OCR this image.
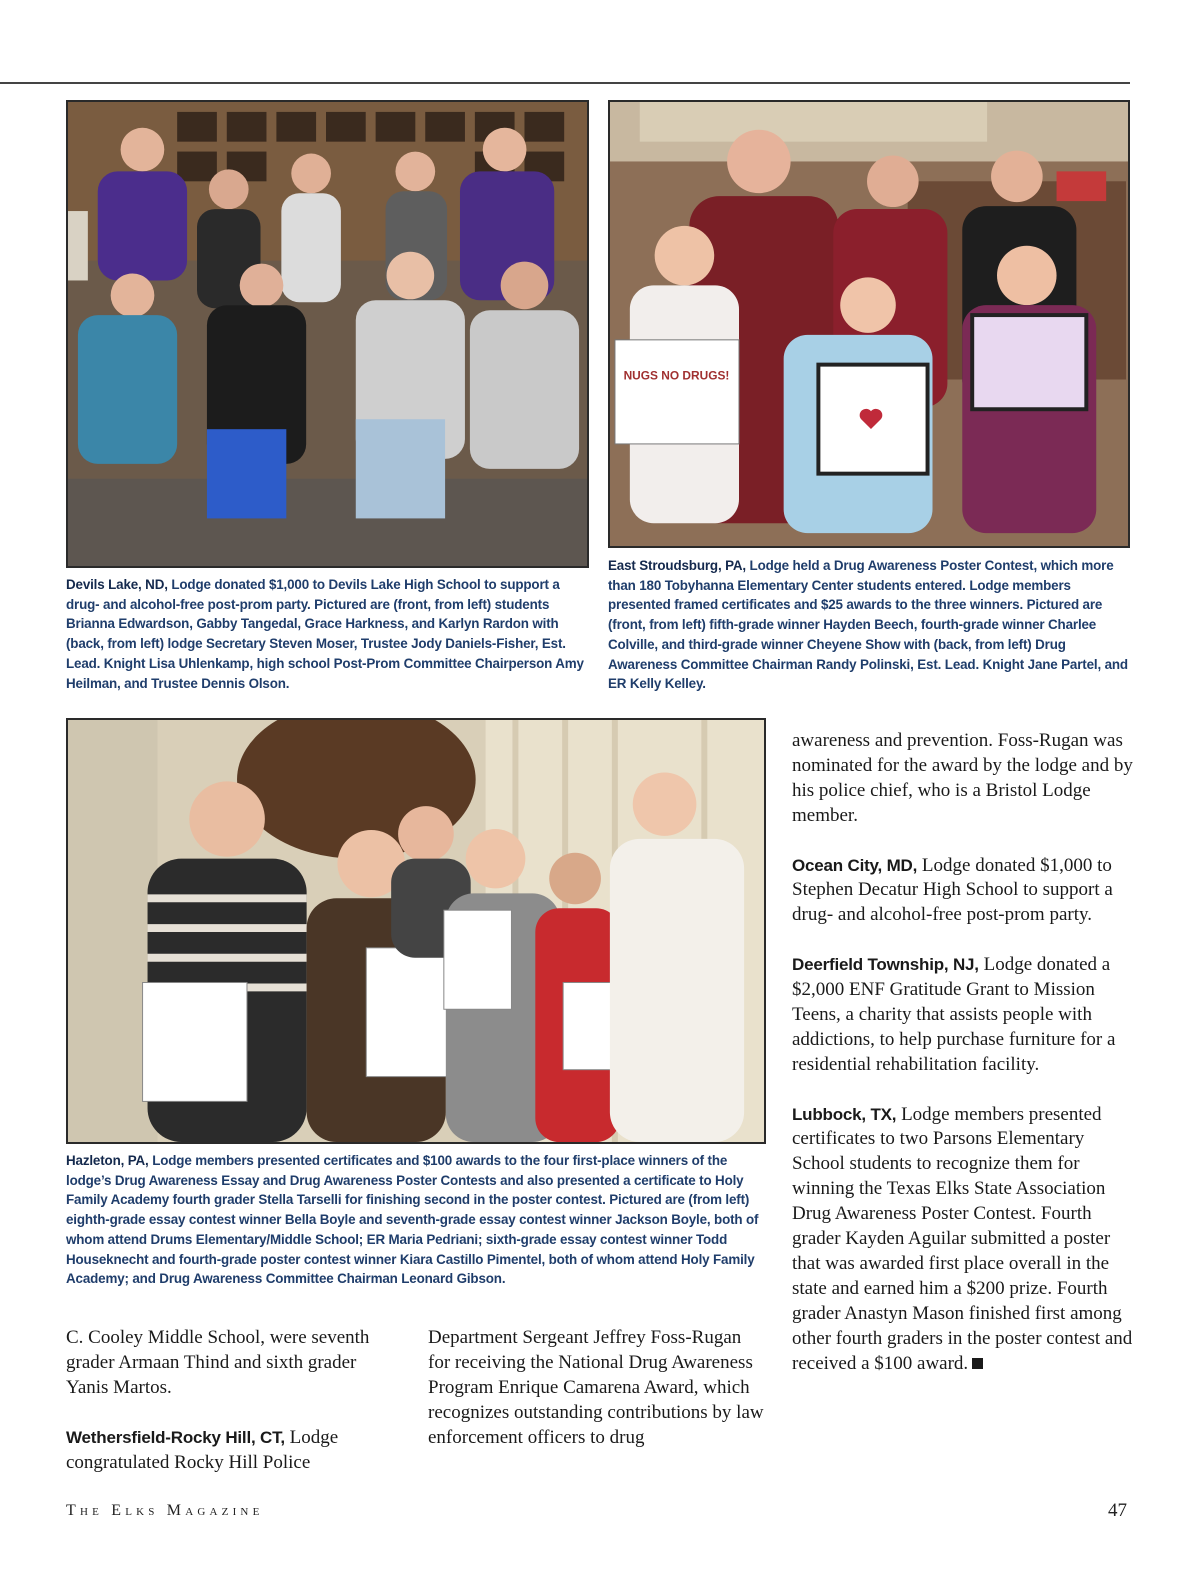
NUGS NO DRUGS!

Devils Lake, ND, Lodge donated $1,000 to Devils Lake High School to support a drug- and alcohol-free post-prom party. Pictured are (front, from left) students Brianna Edwardson, Gabby Tangedal, Grace Harkness, and Karlyn Rardon with (back, from left) lodge Secretary Steven Moser, Trustee Jody Daniels-Fisher, Est. Lead. Knight Lisa Uhlenkamp, high school Post-Prom Committee Chairperson Amy Heilman, and Trustee Dennis Olson.

East Stroudsburg, PA, Lodge held a Drug Awareness Poster Contest, which more than 180 Tobyhanna Elementary Center students entered. Lodge members presented framed certificates and $25 awards to the three winners. Pictured are (front, from left) fifth-grade winner Hayden Beech, fourth-grade winner Charlee Colville, and third-grade winner Cheyene Show with (back, from left) Drug Awareness Committee Chairman Randy Polinski, Est. Lead. Knight Jane Partel, and ER Kelly Kelley.

Hazleton, PA, Lodge members presented certificates and $100 awards to the four first-place winners of the lodge’s Drug Awareness Essay and Drug Awareness Poster Contests and also presented a certificate to Holy Family Academy fourth grader Stella Tarselli for finishing second in the poster contest. Pictured are (from left) eighth-grade essay contest winner Bella Boyle and seventh-grade essay contest winner Jackson Boyle, both of whom attend Drums Elementary/Middle School; ER Maria Pedriani; sixth-grade essay contest winner Todd Houseknecht and fourth-grade poster contest winner Kiara Castillo Pimentel, both of whom attend Holy Family Academy; and Drug Awareness Committee Chairman Leonard Gibson.

C. Cooley Middle School, were seventh grader Armaan Thind and sixth grader Yanis Martos.

Wethersfield-Rocky Hill, CT, Lodge congratulated Rocky Hill Police

Department Sergeant Jeffrey Foss-Rugan for receiving the National Drug Awareness Program Enrique Camarena Award, which recognizes outstanding contributions by law enforcement officers to drug

awareness and prevention. Foss-Rugan was nominated for the award by the lodge and by his police chief, who is a Bristol Lodge member.

Ocean City, MD, Lodge donated $1,000 to Stephen Decatur High School to support a drug- and alcohol-free post-prom party.

Deerfield Township, NJ, Lodge donated a $2,000 ENF Gratitude Grant to Mission Teens, a charity that assists people with addictions, to help purchase furniture for a residential rehabilitation facility.

Lubbock, TX, Lodge members presented certificates to two Parsons Elementary School students to recognize them for winning the Texas Elks State Association Drug Awareness Poster Contest. Fourth grader Kayden Aguilar submitted a poster that was awarded first place overall in the state and earned him a $200 prize. Fourth grader Anastyn Mason finished first among other fourth graders in the poster contest and received a $100 award.

The Elks Magazine	47
